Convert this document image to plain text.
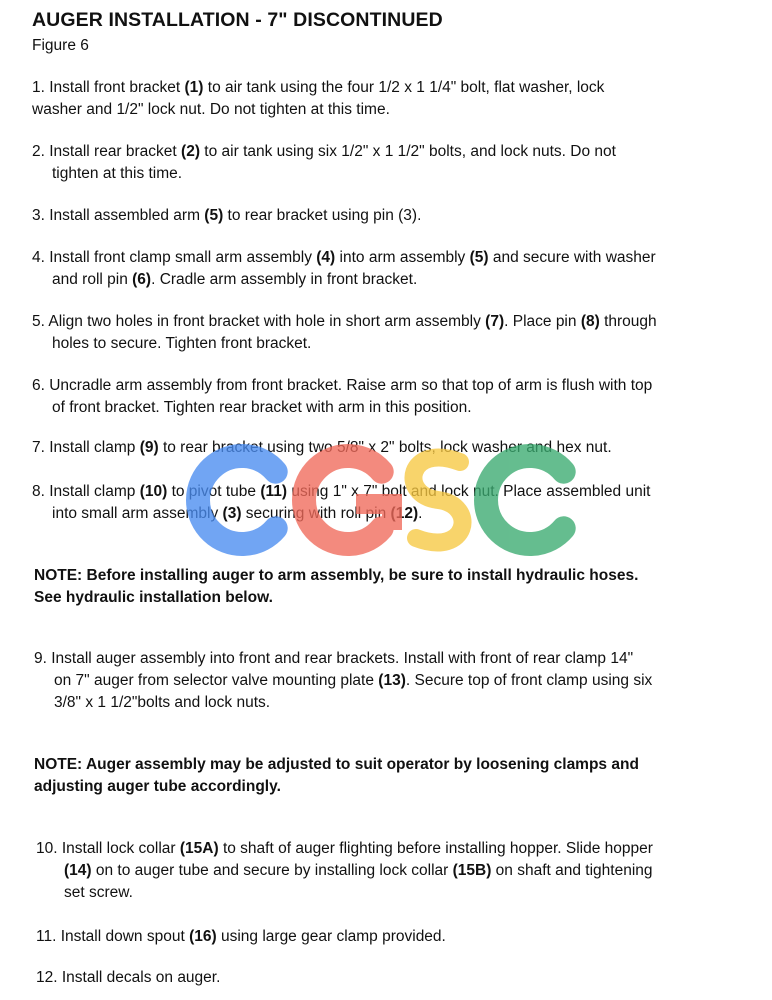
AUGER INSTALLATION - 7" DISCONTINUED
Figure 6
1. Install front bracket (1) to air tank using the four 1/2 x 1 1/4" bolt, flat washer, lock
washer and 1/2" lock nut. Do not tighten at this time.
2. Install rear bracket (2) to air tank using six 1/2" x 1 1/2" bolts, and lock nuts. Do not
tighten at this time.
3. Install assembled arm (5) to rear bracket using pin (3).
4. Install front clamp small arm assembly (4) into arm assembly (5) and secure with washer
and roll pin (6). Cradle arm assembly in front bracket.
5. Align two holes in front bracket with hole in short arm assembly (7). Place pin (8) through
holes to secure. Tighten front bracket.
6. Uncradle arm assembly from front bracket. Raise arm so that top of arm is flush with top
of front bracket. Tighten rear bracket with arm in this position.
7. Install clamp (9) to rear bracket using two 5/8" x 2" bolts, lock washer and hex nut.
8. Install clamp (10) to pivot tube (11) using 1" x 7" bolt and lock nut. Place assembled unit
into small arm assembly (3) securing with roll pin (12).
9. Install auger assembly into front and rear brackets. Install with front of rear clamp 14"
on 7" auger from selector valve mounting plate (13). Secure top of front clamp using six
3/8" x 1 1/2"bolts and lock nuts.
10. Install lock collar (15A) to shaft of auger flighting before installing hopper. Slide hopper
(14) on to auger tube and secure by installing lock collar (15B) on shaft and tightening
set screw.
11. Install down spout (16) using large gear clamp provided.
12. Install decals on auger.
NOTE: Before installing auger to arm assembly, be sure to install hydraulic hoses.
See hydraulic installation below.
NOTE: Auger assembly may be adjusted to suit operator by loosening clamps and
adjusting auger tube accordingly.
